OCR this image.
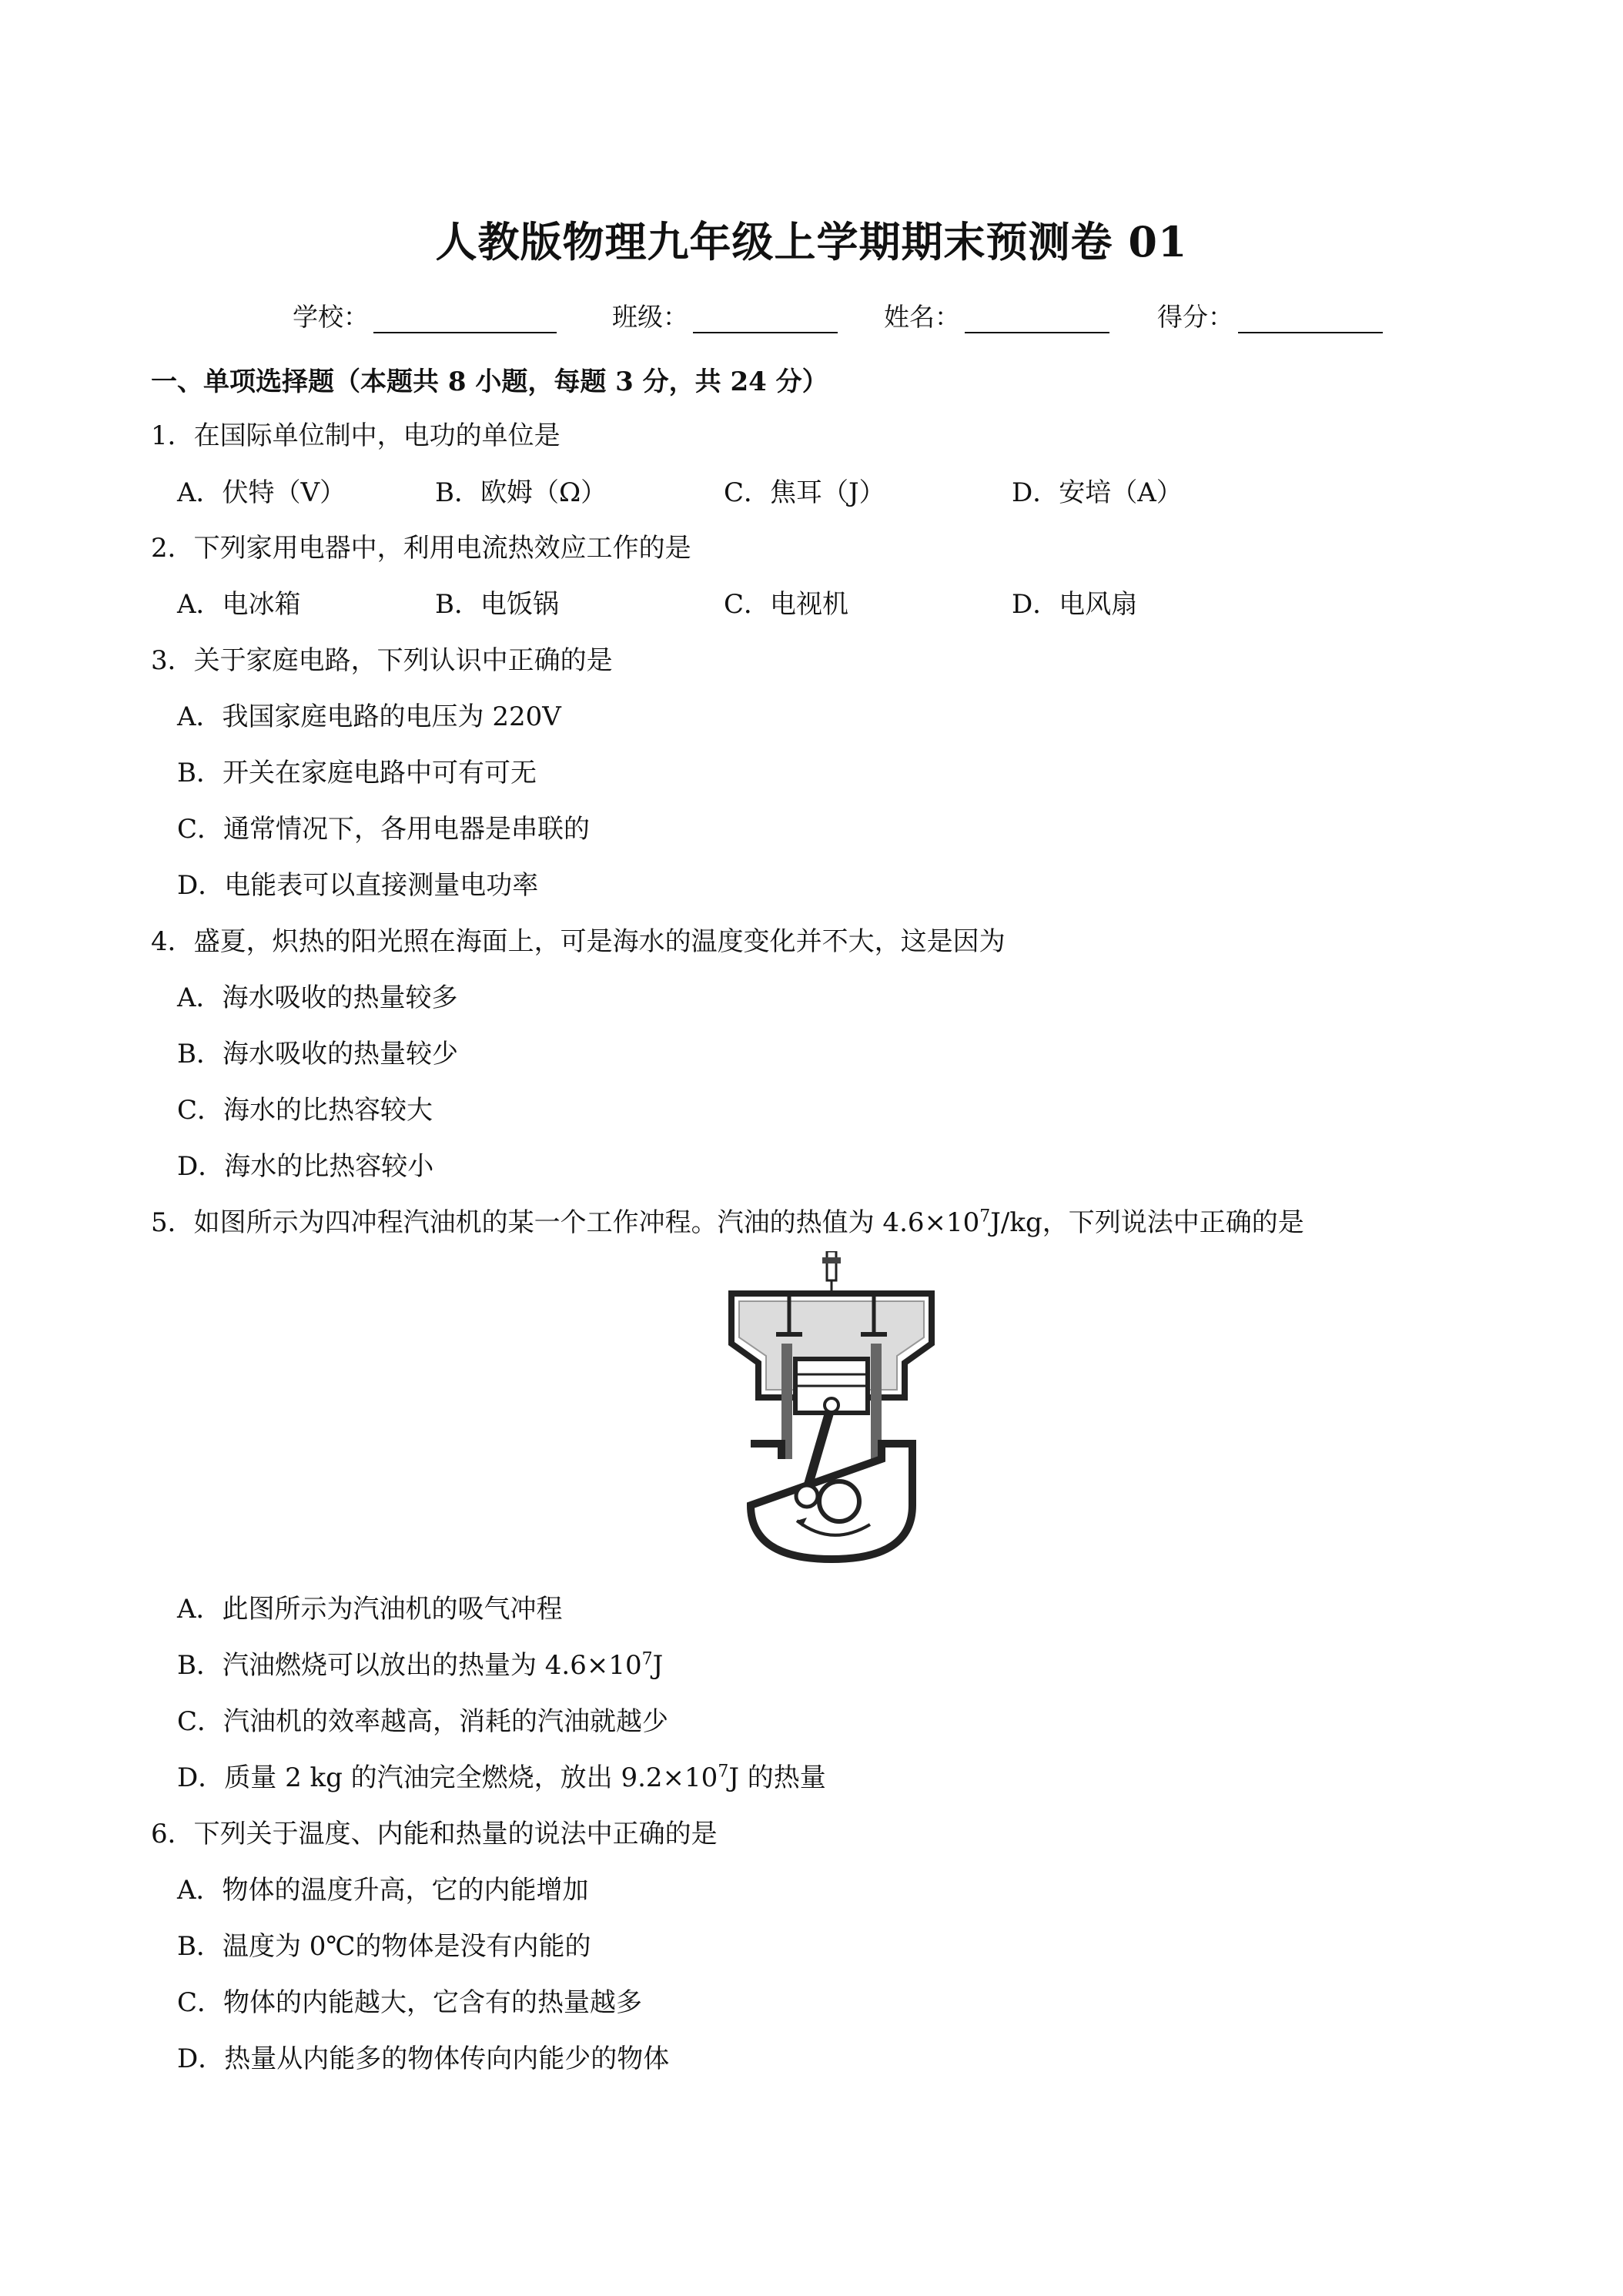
人教版物理九年级上学期期末预测卷 01
学校：	班级：	姓名：	得分：
一、单项选择题（本题共 8 小题，每题 3 分，共 24 分）
1．在国际单位制中，电功的单位是
A．伏特（V）	B．欧姆（Ω）	C．焦耳（J）	D．安培（A）
2．下列家用电器中，利用电流热效应工作的是
A．电冰箱	B．电饭锅	C．电视机	D．电风扇
3．关于家庭电路，下列认识中正确的是
A．我国家庭电路的电压为 220V
B．开关在家庭电路中可有可无
C．通常情况下，各用电器是串联的
D．电能表可以直接测量电功率
4．盛夏，炽热的阳光照在海面上，可是海水的温度变化并不大，这是因为
A．海水吸收的热量较多
B．海水吸收的热量较少
C．海水的比热容较大
D．海水的比热容较小
5．如图所示为四冲程汽油机的某一个工作冲程。汽油的热值为 $4.6\times 10^7J/kg$，下列说法中正确的是
A．此图所示为汽油机的吸气冲程
B．汽油燃烧可以放出的热量为 $4.6\times 10^7J$
C．汽油机的效率越高，消耗的汽油就越少
D．质量 2 kg 的汽油完全燃烧，放出 $9.2\times 10^7J$ 的热量
6．下列关于温度、内能和热量的说法中正确的是
A．物体的温度升高，它的内能增加
B．温度为 0℃的物体是没有内能的
C．物体的内能越大，它含有的热量越多
D．热量从内能多的物体传向内能少的物体
